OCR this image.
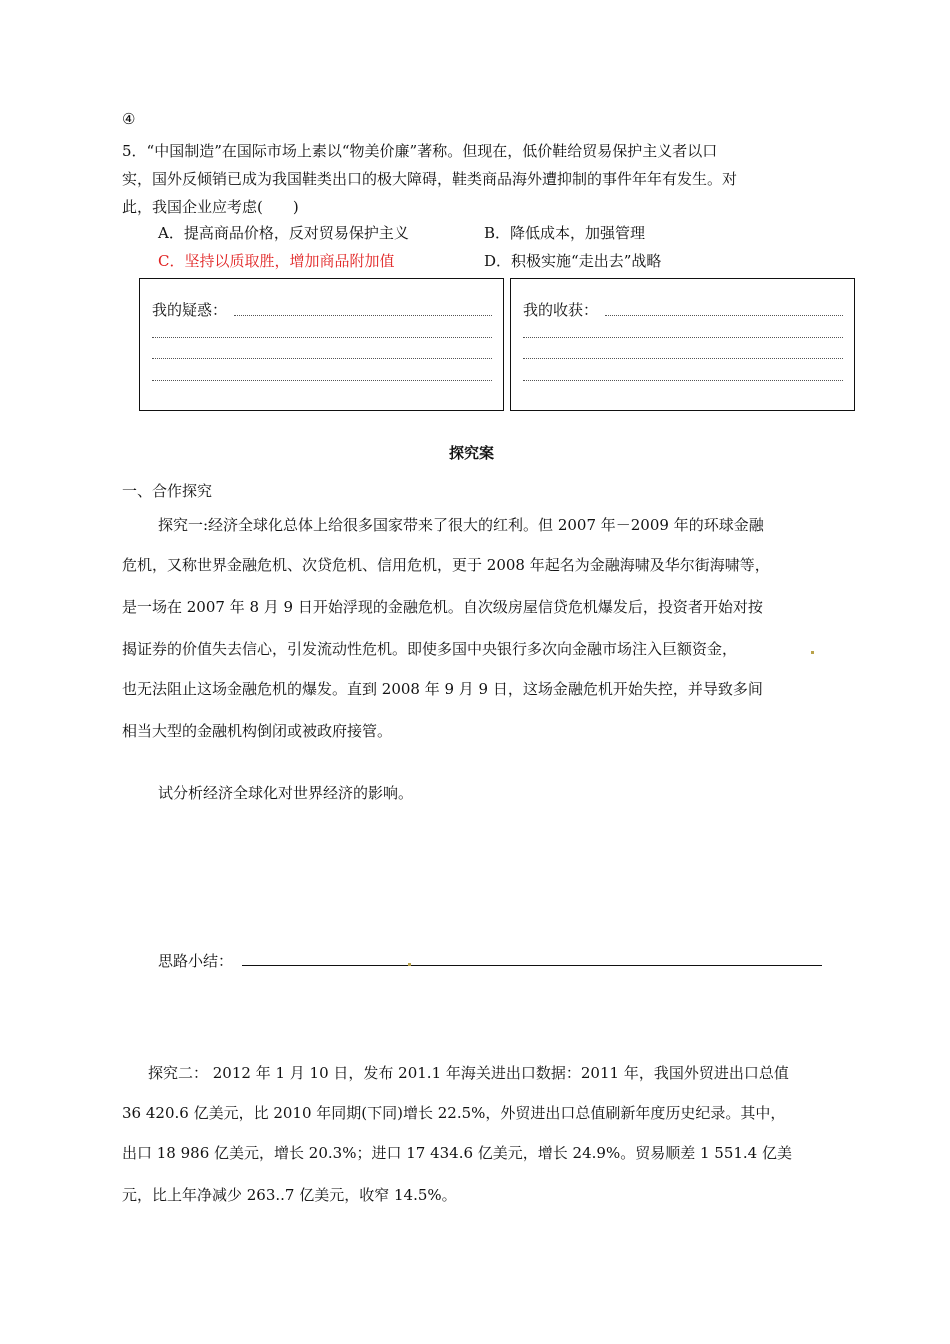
④
5．“中国制造”在国际市场上素以“物美价廉”著称。但现在，低价鞋给贸易保护主义者以口
实，国外反倾销已成为我国鞋类出口的极大障碍，鞋类商品海外遭抑制的事件年年有发生。对
此，我国企业应考虑(　　)
A．提高商品价格，反对贸易保护主义	B．降低成本，加强管理
C．坚持以质取胜，增加商品附加值	D．积极实施“走出去”战略
我的疑惑：	我的收获：
探究案
一、合作探究
探究一:经济全球化总体上给很多国家带来了很大的红利。但 2007 年－2009 年的环球金融
危机，又称世界金融危机、次贷危机、信用危机，更于 2008 年起名为金融海啸及华尔街海啸等，
是一场在 2007 年 8 月 9 日开始浮现的金融危机。自次级房屋信贷危机爆发后，投资者开始对按
揭证券的价值失去信心，引发流动性危机。即使多国中央银行多次向金融市场注入巨额资金，
也无法阻止这场金融危机的爆发。直到 2008 年 9 月 9 日，这场金融危机开始失控，并导致多间
相当大型的金融机构倒闭或被政府接管。
试分析经济全球化对世界经济的影响。
思路小结：
探究二： 2012 年 1 月 10 日，发布 201.1 年海关进出口数据：2011 年，我国外贸进出口总值
36 420.6 亿美元，比 2010 年同期(下同)增长 22.5%，外贸进出口总值刷新年度历史纪录。其中，
出口 18 986 亿美元，增长 20.3%；进口 17 434.6 亿美元，增长 24.9%。贸易顺差 1 551.4 亿美
元，比上年净减少 263..7 亿美元，收窄 14.5%。
